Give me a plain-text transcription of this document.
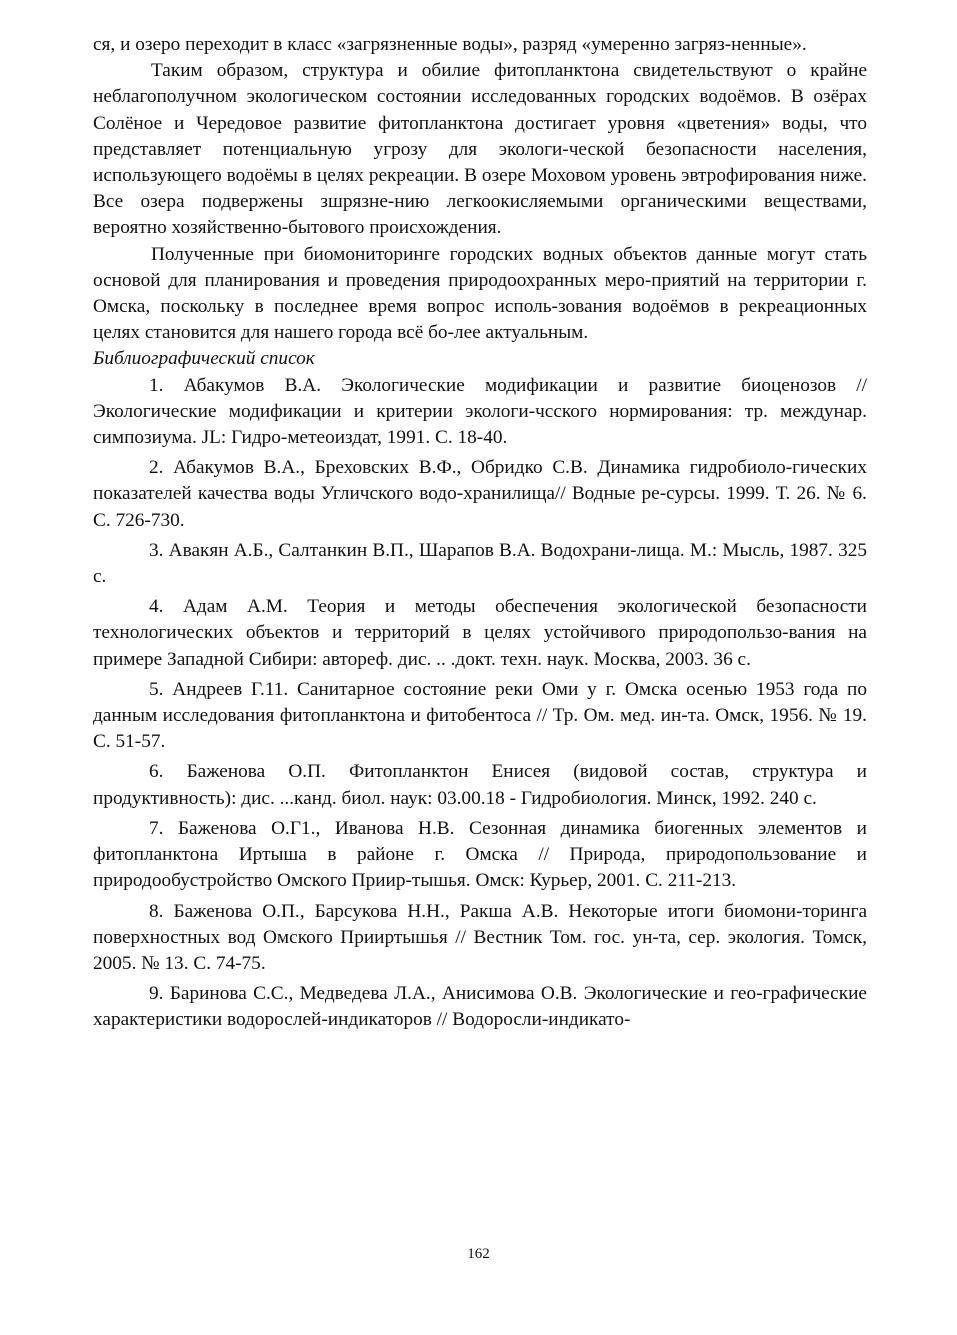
ся, и озеро переходит в класс «загрязненные воды», разряд «умеренно загряз-ненные».

Таким образом, структура и обилие фитопланктона свидетельствуют о крайне неблагополучном экологическом состоянии исследованных городских водоёмов. В озёрах Солёное и Чередовое развитие фитопланктона достигает уровня «цветения» воды, что представляет потенциальную угрозу для экологи-ческой безопасности населения, использующего водоёмы в целях рекреации. В озере Моховом уровень эвтрофирования ниже. Все озера подвержены зшрязне-нию легкоокисляемыми органическими веществами, вероятно хозяйственно-бытового происхождения.

Полученные при биомониторинге городских водных объектов данные могут стать основой для планирования и проведения природоохранных меро-приятий на территории г. Омска, поскольку в последнее время вопрос исполь-зования водоёмов в рекреационных целях становится для нашего города всё бо-лее актуальным.

Библиографический список

1. Абакумов В.А. Экологические модификации и развитие биоценозов // Экологические модификации и критерии экологи-чсского нормирования: тр. междунар. симпозиума. JL: Гидро-метеоиздат, 1991. С. 18-40.

2. Абакумов В.А., Бреховских В.Ф., Обридко С.В. Динамика гидробиоло-гических показателей качества воды Угличского водо-хранилища// Водные ре-сурсы. 1999. Т. 26. № 6. С. 726-730.

3. Авакян А.Б., Салтанкин В.П., Шарапов В.А. Водохрани-лища. М.: Мысль, 1987. 325 с.

4. Адам А.М. Теория и методы обеспечения экологической безопасности технологических объектов и территорий в целях устойчивого природопользо-вания на примере Западной Сибири: автореф. дис. .. .докт. техн. наук. Москва, 2003. 36 с.

5. Андреев Г.11. Санитарное состояние реки Оми у г. Омска осенью 1953 года по данным исследования фитопланктона и фитобентоса // Тр. Ом. мед. ин-та. Омск, 1956. № 19. С. 51-57.

6. Баженова О.П. Фитопланктон Енисея (видовой состав, структура и продуктивность): дис. ...канд. биол. наук: 03.00.18 - Гидробиология. Минск, 1992. 240 с.

7. Баженова О.Г1., Иванова Н.В. Сезонная динамика биогенных элементов и фитопланктона Иртыша в районе г. Омска // Природа, природопользование и природообустройство Омского Приир-тышья. Омск: Курьер, 2001. С. 211-213.

8. Баженова О.П., Барсукова Н.Н., Ракша А.В. Некоторые итоги биомони-торинга поверхностных вод Омского Прииртышья // Вестник Том. гос. ун-та, сер. экология. Томск, 2005. № 13. С. 74-75.

9. Баринова С.С., Медведева Л.А., Анисимова О.В. Экологические и гео-графические характеристики водорослей-индикаторов // Водоросли-индикато-

162
